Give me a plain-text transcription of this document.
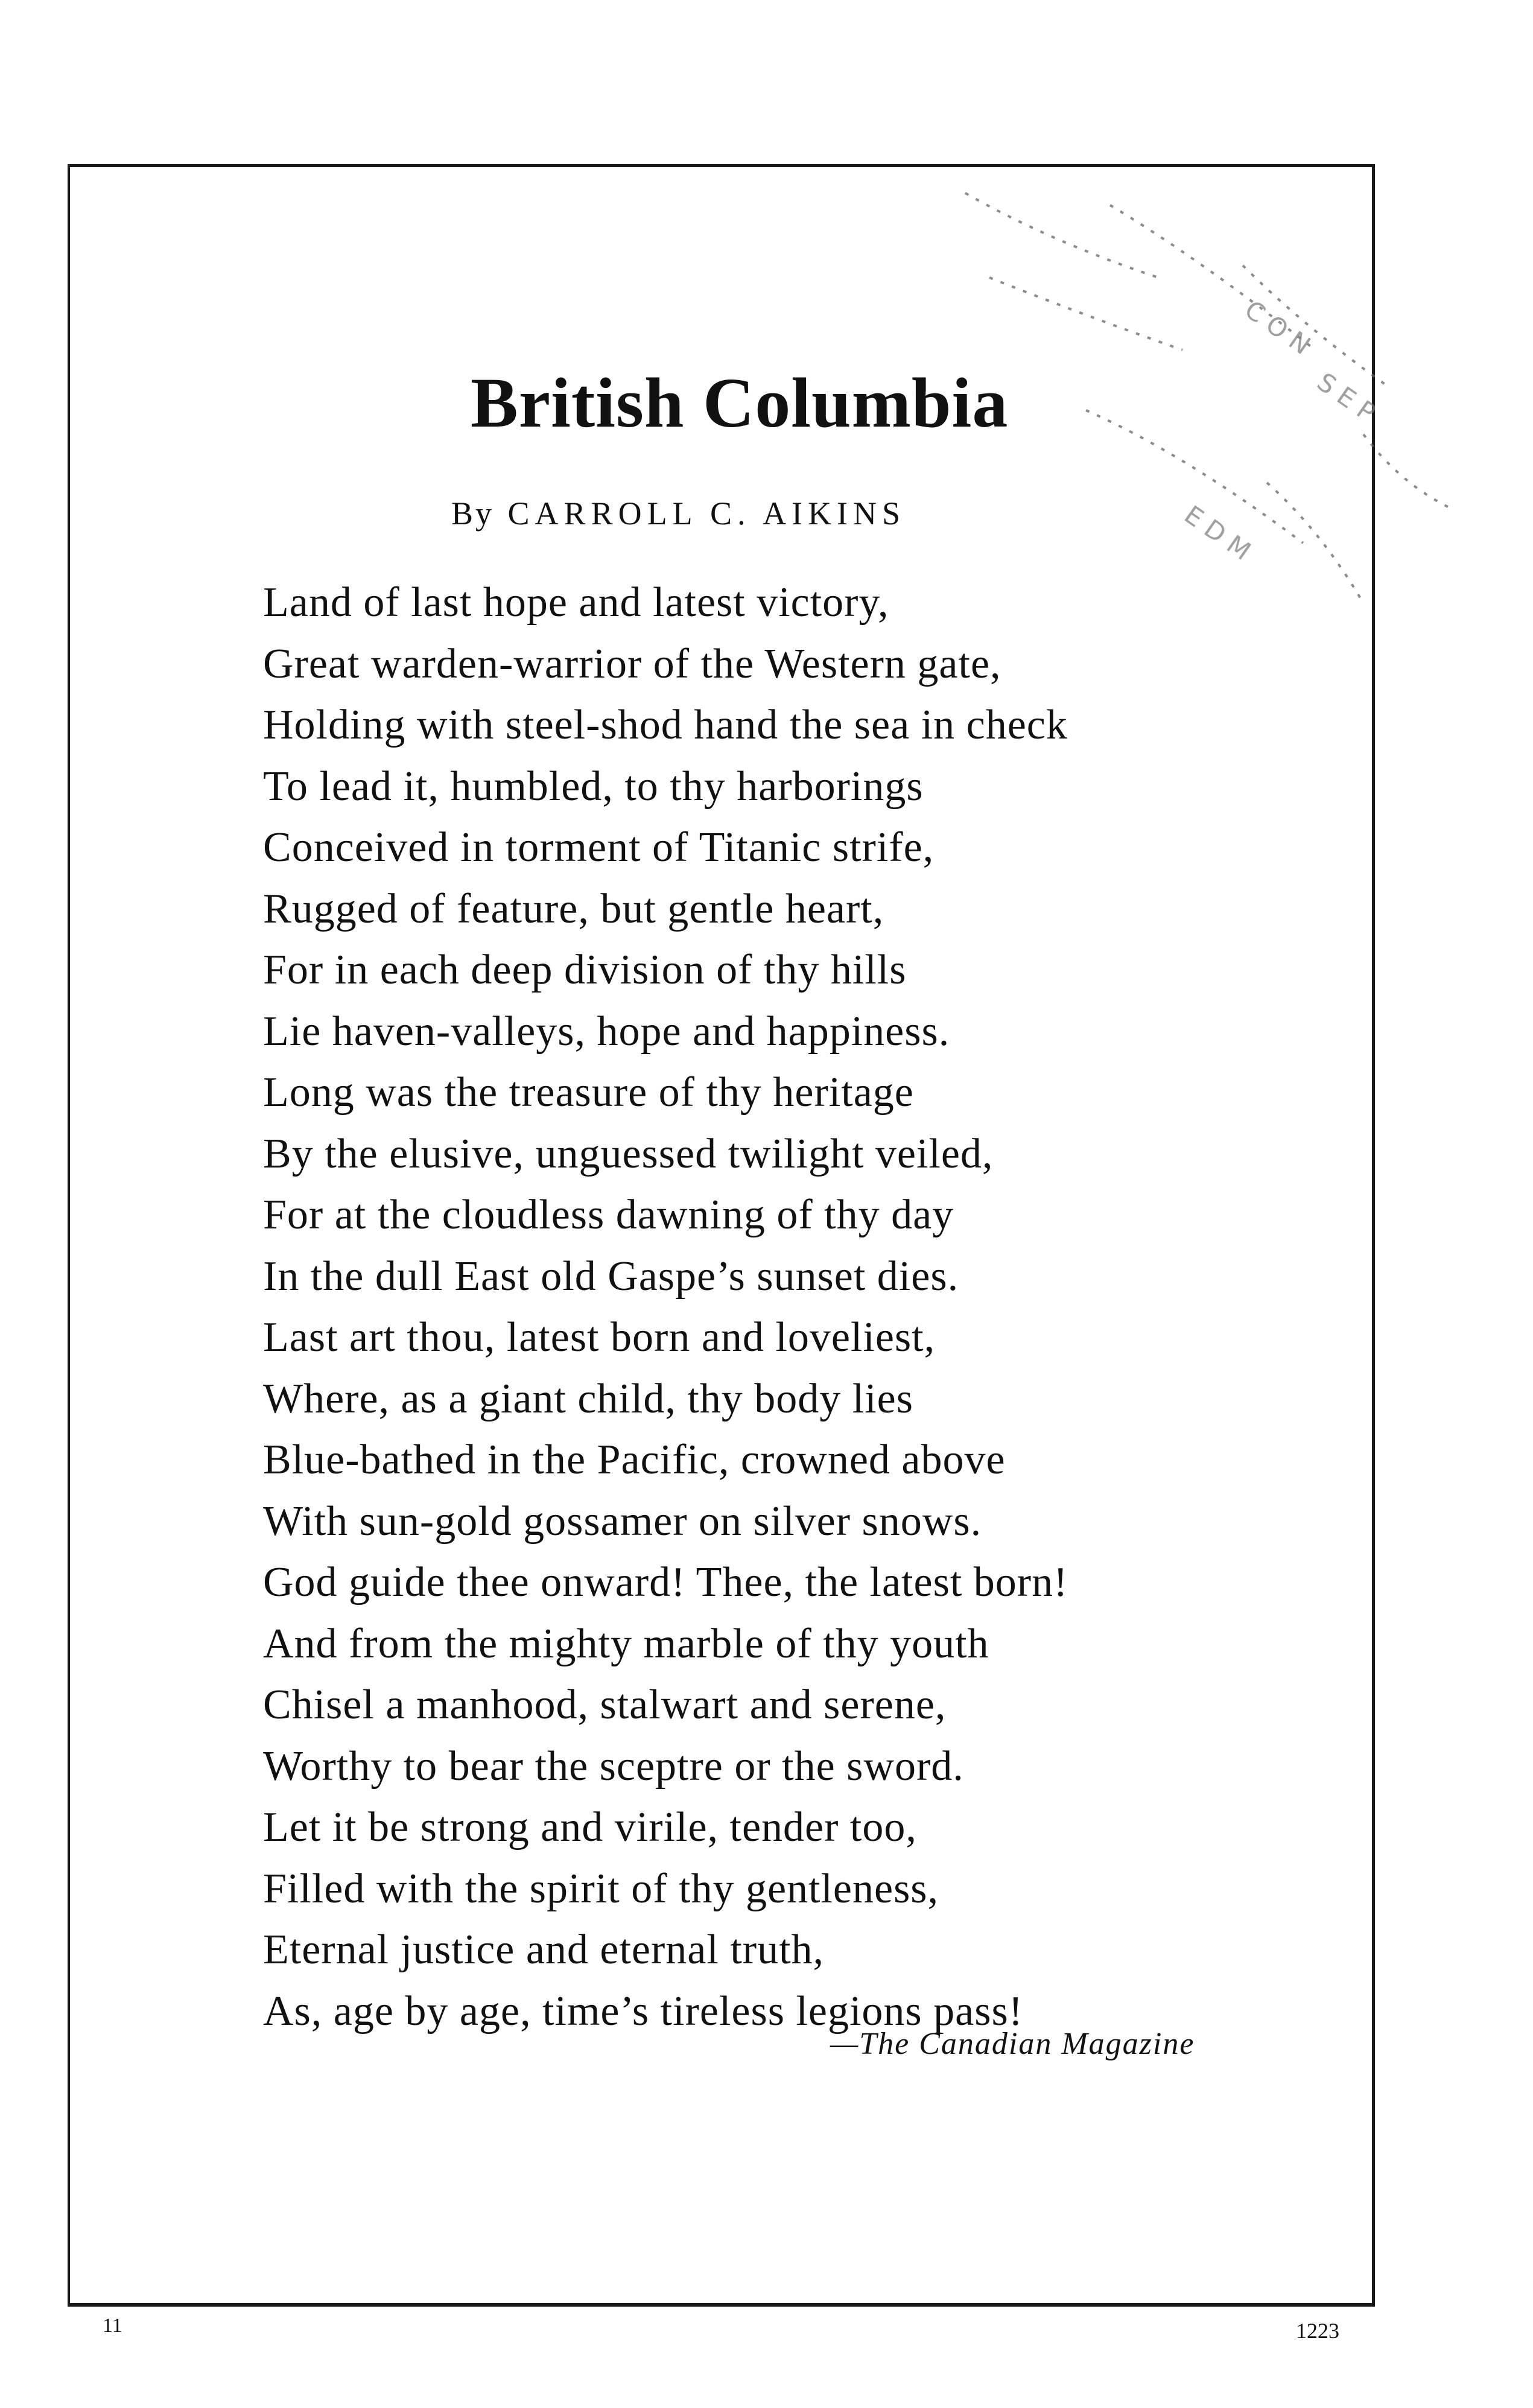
C O N
E D M
S E P
British Columbia
By CARROLL C. AIKINS
Land of last hope and latest victory,
Great warden-warrior of the Western gate,
Holding with steel-shod hand the sea in check
To lead it, humbled, to thy harborings
Conceived in torment of Titanic strife,
Rugged of feature, but gentle heart,
For in each deep division of thy hills
Lie haven-valleys, hope and happiness.
Long was the treasure of thy heritage
By the elusive, unguessed twilight veiled,
For at the cloudless dawning of thy day
In the dull East old Gaspe’s sunset dies.
Last art thou, latest born and loveliest,
Where, as a giant child, thy body lies
Blue-bathed in the Pacific, crowned above
With sun-gold gossamer on silver snows.
God guide thee onward! Thee, the latest born!
And from the mighty marble of thy youth
Chisel a manhood, stalwart and serene,
Worthy to bear the sceptre or the sword.
Let it be strong and virile, tender too,
Filled with the spirit of thy gentleness,
Eternal justice and eternal truth,
As, age by age, time’s tireless legions pass!
—The Canadian Magazine
11	1223
